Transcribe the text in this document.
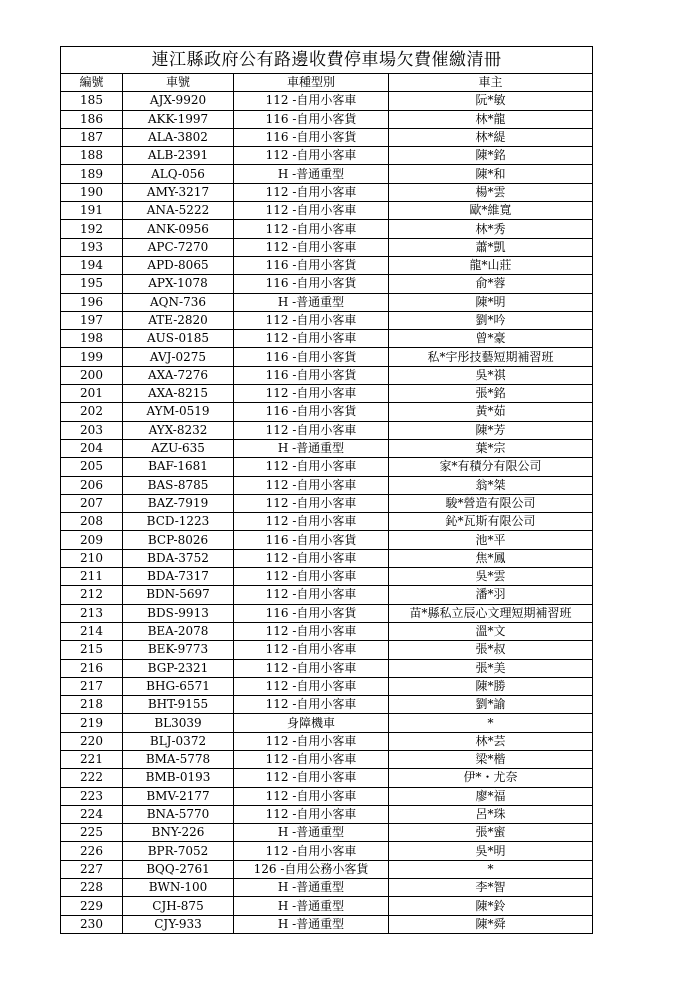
連江縣政府公有路邊收費停車場欠費催繳清冊			
編號	車號	車種型別	車主
185	AJX-9920	112 -自用小客車	阮*敏
186	AKK-1997	116 -自用小客貨	林*龍
187	ALA-3802	116 -自用小客貨	林*緹
188	ALB-2391	112 -自用小客車	陳*銘
189	ALQ-056	H -普通重型	陳*和
190	AMY-3217	112 -自用小客車	楊*雲
191	ANA-5222	112 -自用小客車	歐*維寬
192	ANK-0956	112 -自用小客車	林*秀
193	APC-7270	112 -自用小客車	蕭*凱
194	APD-8065	116 -自用小客貨	龍*山莊
195	APX-1078	116 -自用小客貨	俞*蓉
196	AQN-736	H -普通重型	陳*明
197	ATE-2820	112 -自用小客車	劉*吟
198	AUS-0185	112 -自用小客車	曾*豪
199	AVJ-0275	116 -自用小客貨	私*宇彤技藝短期補習班
200	AXA-7276	116 -自用小客貨	吳*祺
201	AXA-8215	112 -自用小客車	張*銘
202	AYM-0519	116 -自用小客貨	黃*茹
203	AYX-8232	112 -自用小客車	陳*芳
204	AZU-635	H -普通重型	葉*宗
205	BAF-1681	112 -自用小客車	家*有積分有限公司
206	BAS-8785	112 -自用小客車	翁*桀
207	BAZ-7919	112 -自用小客車	駿*營造有限公司
208	BCD-1223	112 -自用小客車	鈊*瓦斯有限公司
209	BCP-8026	116 -自用小客貨	池*平
210	BDA-3752	112 -自用小客車	焦*鳳
211	BDA-7317	112 -自用小客車	吳*雲
212	BDN-5697	112 -自用小客車	潘*羽
213	BDS-9913	116 -自用小客貨	苗*縣私立辰心文理短期補習班
214	BEA-2078	112 -自用小客車	溫*文
215	BEK-9773	112 -自用小客車	張*叔
216	BGP-2321	112 -自用小客車	張*美
217	BHG-6571	112 -自用小客車	陳*勝
218	BHT-9155	112 -自用小客車	劉*諭
219	BL3039	身障機車	*
220	BLJ-0372	112 -自用小客車	林*芸
221	BMA-5778	112 -自用小客車	梁*楷
222	BMB-0193	112 -自用小客車	伊*・尤奈
223	BMV-2177	112 -自用小客車	廖*福
224	BNA-5770	112 -自用小客車	呂*珠
225	BNY-226	H -普通重型	張*蜜
226	BPR-7052	112 -自用小客車	吳*明
227	BQQ-2761	126 -自用公務小客貨	*
228	BWN-100	H -普通重型	李*智
229	CJH-875	H -普通重型	陳*鈴
230	CJY-933	H -普通重型	陳*舜
